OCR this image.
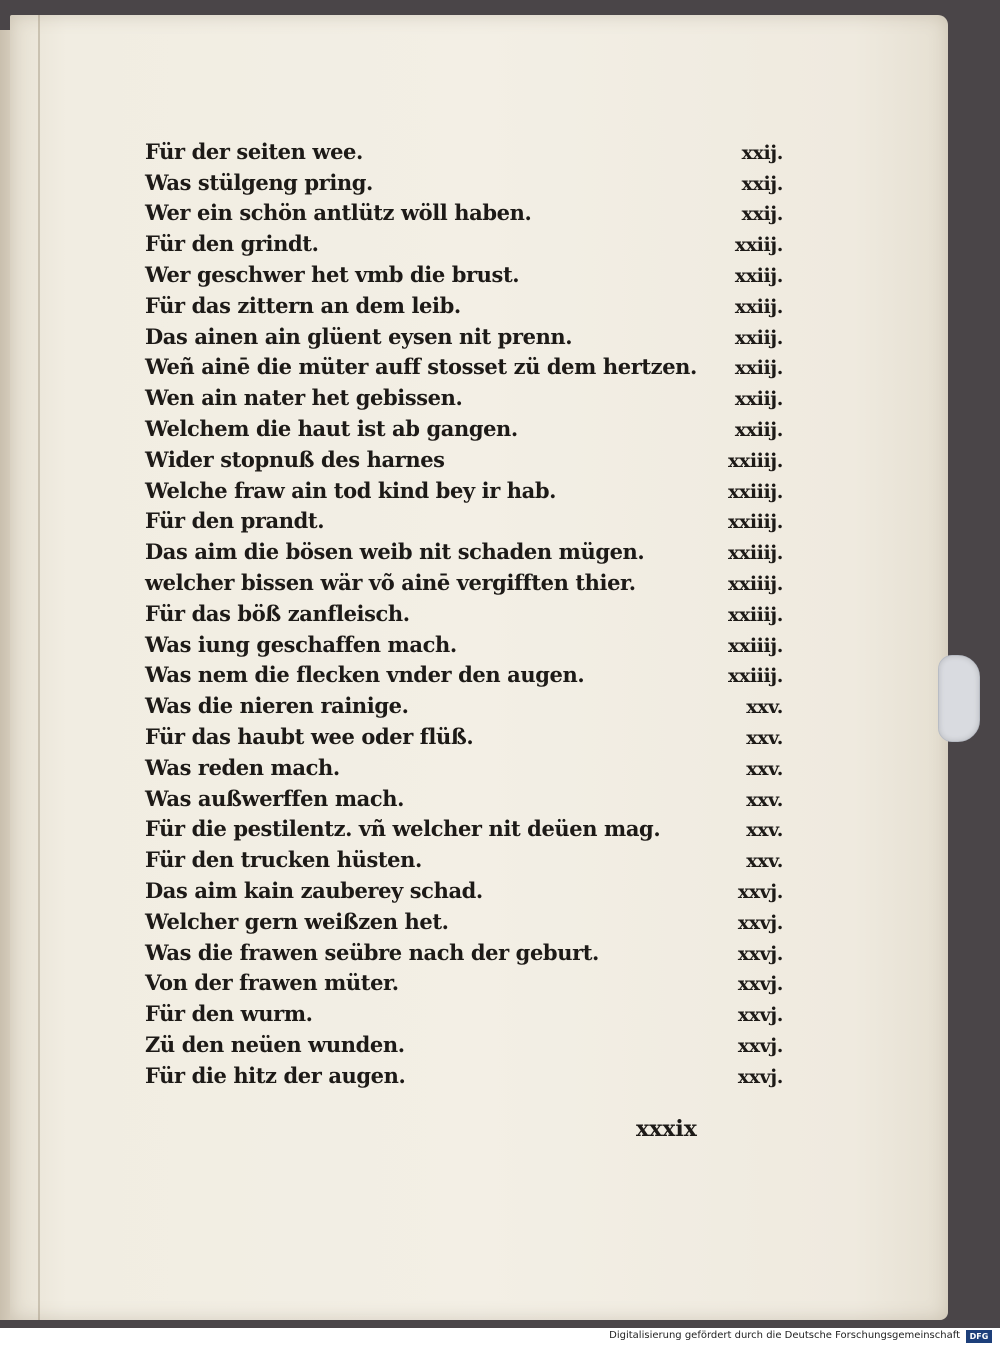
Für der seiten wee.	xxij.
Was stülgeng pring.	xxij.
Wer ein schön antlütz wöll haben.	xxij.
Für den grindt.	xxiij.
Wer geschwer het vmb die brust.	xxiij.
Für das zittern an dem leib.	xxiij.
Das ainen ain glüent eysen nit prenn.	xxiij.
Weñ ainē die müter auff stosset zü dem hertzen.	xxiij.
Wen ain nater het gebissen.	xxiij.
Welchem die haut ist ab gangen.	xxiij.
Wider stopnuß des harnes	xxiiij.
Welche fraw ain tod kind bey ir hab.	xxiiij.
Für den prandt.	xxiiij.
Das aim die bösen weib nit schaden mügen.	xxiiij.
welcher bissen wär võ ainē vergifften thier.	xxiiij.
Für das böß zanfleisch.	xxiiij.
Was iung geschaffen mach.	xxiiij.
Was nem die flecken vnder den augen.	xxiiij.
Was die nieren rainige.	xxv.
Für das haubt wee oder flüß.	xxv.
Was reden mach.	xxv.
Was außwerffen mach.	xxv.
Für die pestilentz. vñ welcher nit deüen mag.	xxv.
Für den trucken hüsten.	xxv.
Das aim kain zauberey schad.	xxvj.
Welcher gern weißzen het.	xxvj.
Was die frawen seübre nach der geburt.	xxvj.
Von der frawen müter.	xxvj.
Für den wurm.	xxvj.
Zü den neüen wunden.	xxvj.
Für die hitz der augen.	xxvj.
xxxix
Digitalisierung gefördert durch die Deutsche Forschungsgemeinschaft	DFG
